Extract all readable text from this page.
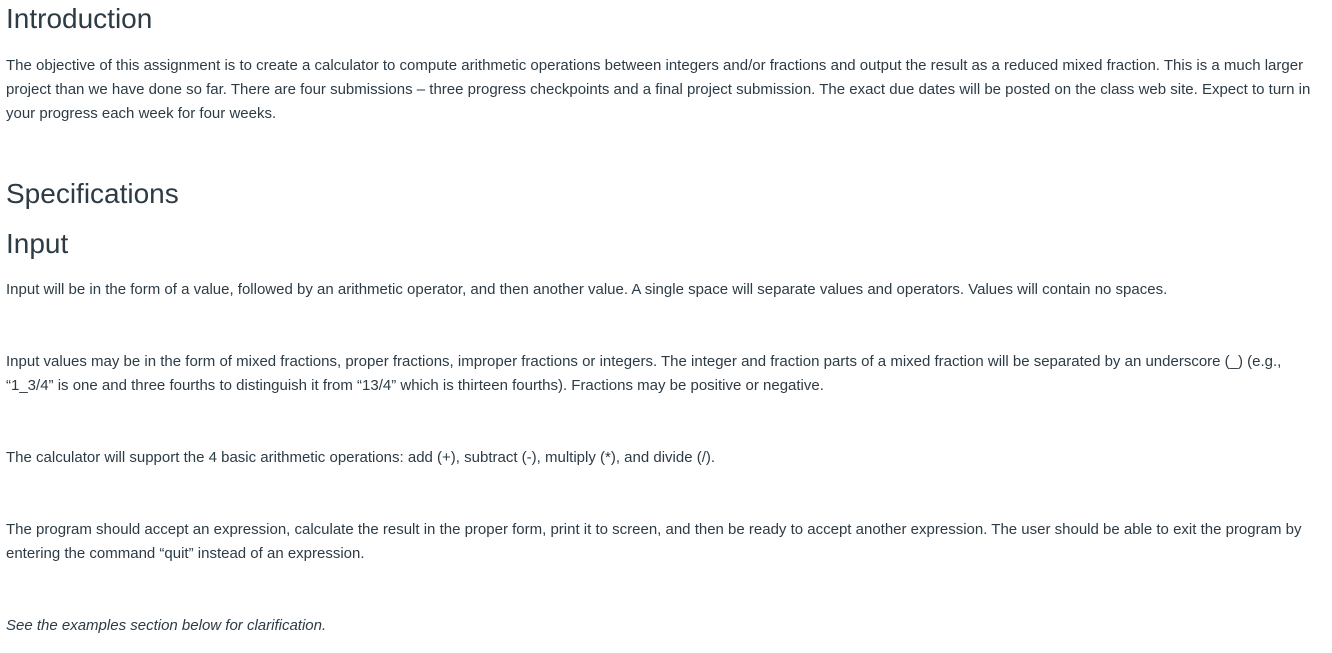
Introduction

The objective of this assignment is to create a calculator to compute arithmetic operations between integers and/or fractions and output the result as a reduced mixed fraction. This is a much larger project than we have done so far. There are four submissions – three progress checkpoints and a final project submission. The exact due dates will be posted on the class web site. Expect to turn in your progress each week for four weeks.

Specifications
Input

Input will be in the form of a value, followed by an arithmetic operator, and then another value. A single space will separate values and operators. Values will contain no spaces.

Input values may be in the form of mixed fractions, proper fractions, improper fractions or integers. The integer and fraction parts of a mixed fraction will be separated by an underscore (_) (e.g., “1_3/4” is one and three fourths to distinguish it from “13/4” which is thirteen fourths). Fractions may be positive or negative.

The calculator will support the 4 basic arithmetic operations: add (+), subtract (-), multiply (*), and divide (/).

The program should accept an expression, calculate the result in the proper form, print it to screen, and then be ready to accept another expression. The user should be able to exit the program by entering the command “quit” instead of an expression.

See the examples section below for clarification.
